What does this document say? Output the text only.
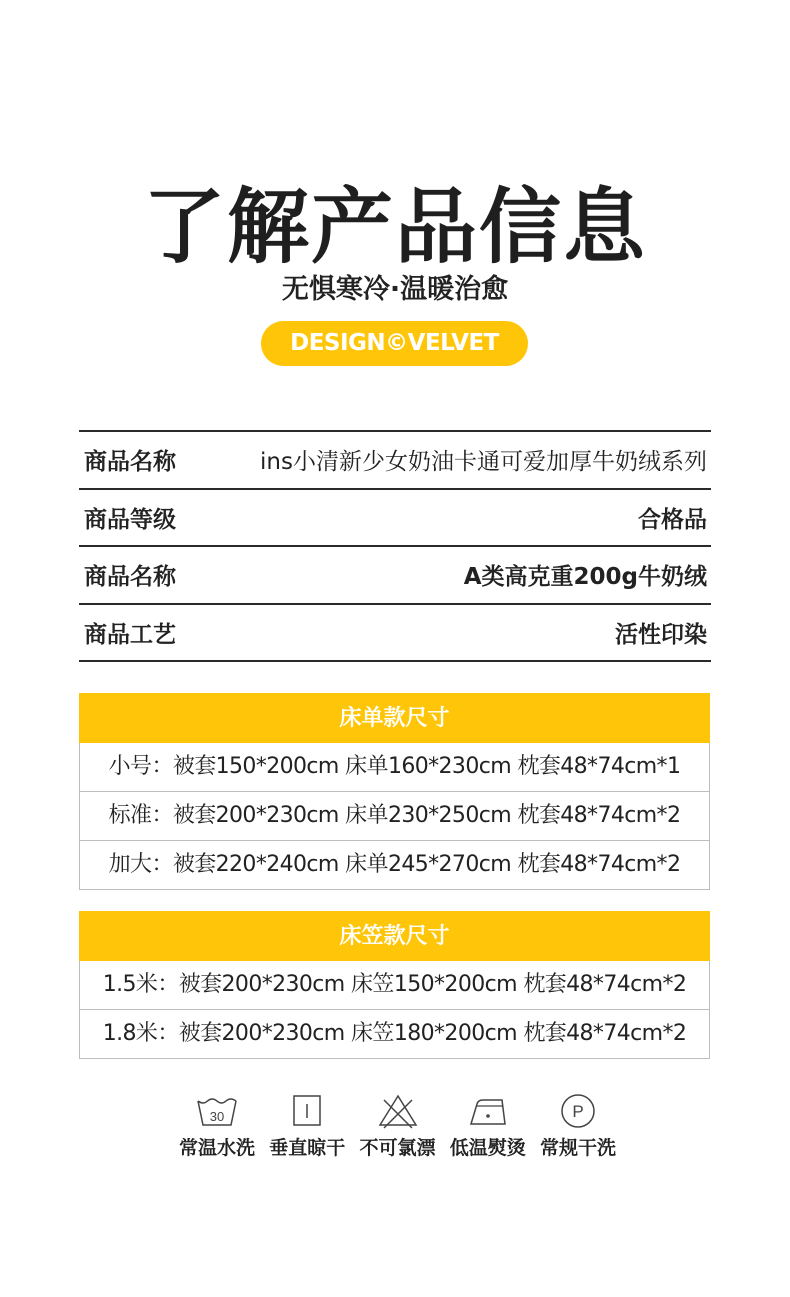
了解产品信息
无惧寒冷·温暖治愈
DESIGN©VELVET
商品名称	ins小清新少女奶油卡通可爱加厚牛奶绒系列
商品等级	合格品
商品名称	A类高克重200g牛奶绒
商品工艺	活性印染
床单款尺寸
小号：被套150*200cm 床单160*230cm 枕套48*74cm*1
标准：被套200*230cm 床单230*250cm 枕套48*74cm*2
加大：被套220*240cm 床单245*270cm 枕套48*74cm*2
床笠款尺寸
1.5米：被套200*230cm 床笠150*200cm 枕套48*74cm*2
1.8米：被套200*230cm 床笠180*200cm 枕套48*74cm*2
30
常温水洗 垂直晾干 不可氯漂 低温熨烫
P
常规干洗
